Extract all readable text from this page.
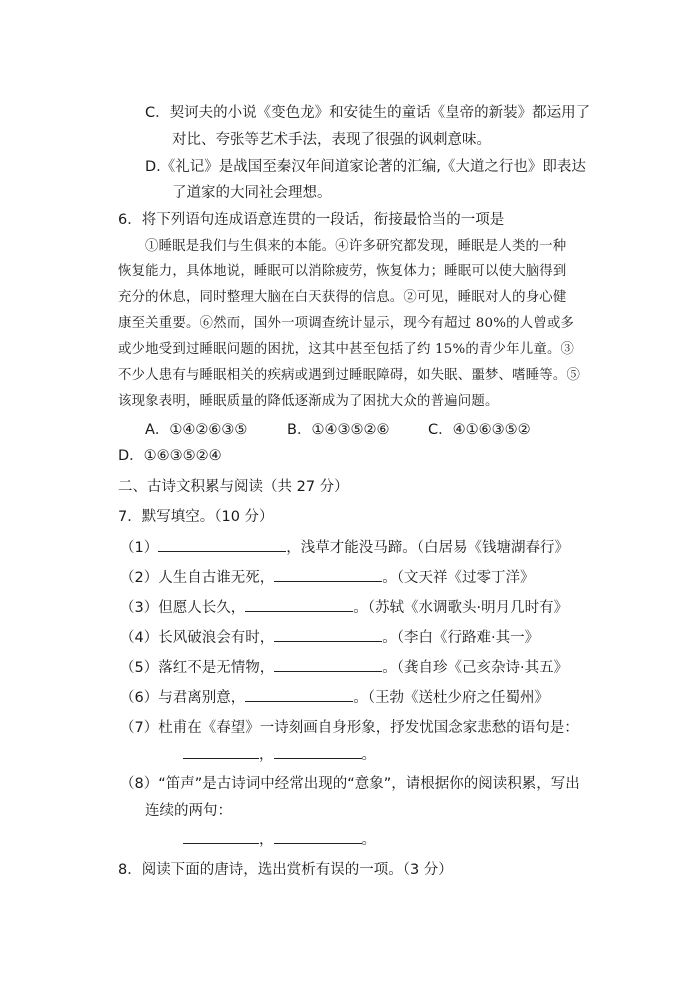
C．契诃夫的小说《变色龙》和安徒生的童话《皇帝的新装》都运用了
对比、夸张等艺术手法，表现了很强的讽刺意味。
D.《礼记》是战国至秦汉年间道家论著的汇编,《大道之行也》即表达
了道家的大同社会理想。
6．将下列语句连成语意连贯的一段话，衔接最恰当的一项是
①睡眠是我们与生俱来的本能。④许多研究都发现，睡眠是人类的一种
恢复能力，具体地说，睡眠可以消除疲劳，恢复体力；睡眠可以使大脑得到
充分的休息，同时整理大脑在白天获得的信息。②可见，睡眠对人的身心健
康至关重要。⑥然而，国外一项调查统计显示，现今有超过 80%的人曾或多
或少地受到过睡眠问题的困扰，这其中甚至包括了约 15%的青少年儿童。③
不少人患有与睡眠相关的疾病或遇到过睡眠障碍，如失眠、噩梦、嗜睡等。⑤
该现象表明，睡眠质量的降低逐渐成为了困扰大众的普遍问题。
A．①④②⑥③⑤	B．①④③⑤②⑥	C．④①⑥③⑤②
D．①⑥③⑤②④
二、古诗文积累与阅读（共 27 分）
7．默写填空。（10 分）
（1）	，浅草才能没马蹄。（白居易《钱塘湖春行》
（2）人生自古谁无死，	。（文天祥《过零丁洋》
（3）但愿人长久，	。（苏轼《水调歌头·明月几时有》
（4）长风破浪会有时，	。（李白《行路难·其一》
（5）落红不是无情物，	。（龚自珍《己亥杂诗·其五》
（6）与君离别意，	。（王勃《送杜少府之任蜀州》
（7）杜甫在《春望》一诗刻画自身形象，抒发忧国念家悲愁的语句是：
，	。
（8）“笛声”是古诗词中经常出现的“意象”，请根据你的阅读积累，写出
连续的两句：
，	。
8．阅读下面的唐诗，选出赏析有误的一项。（3 分）
